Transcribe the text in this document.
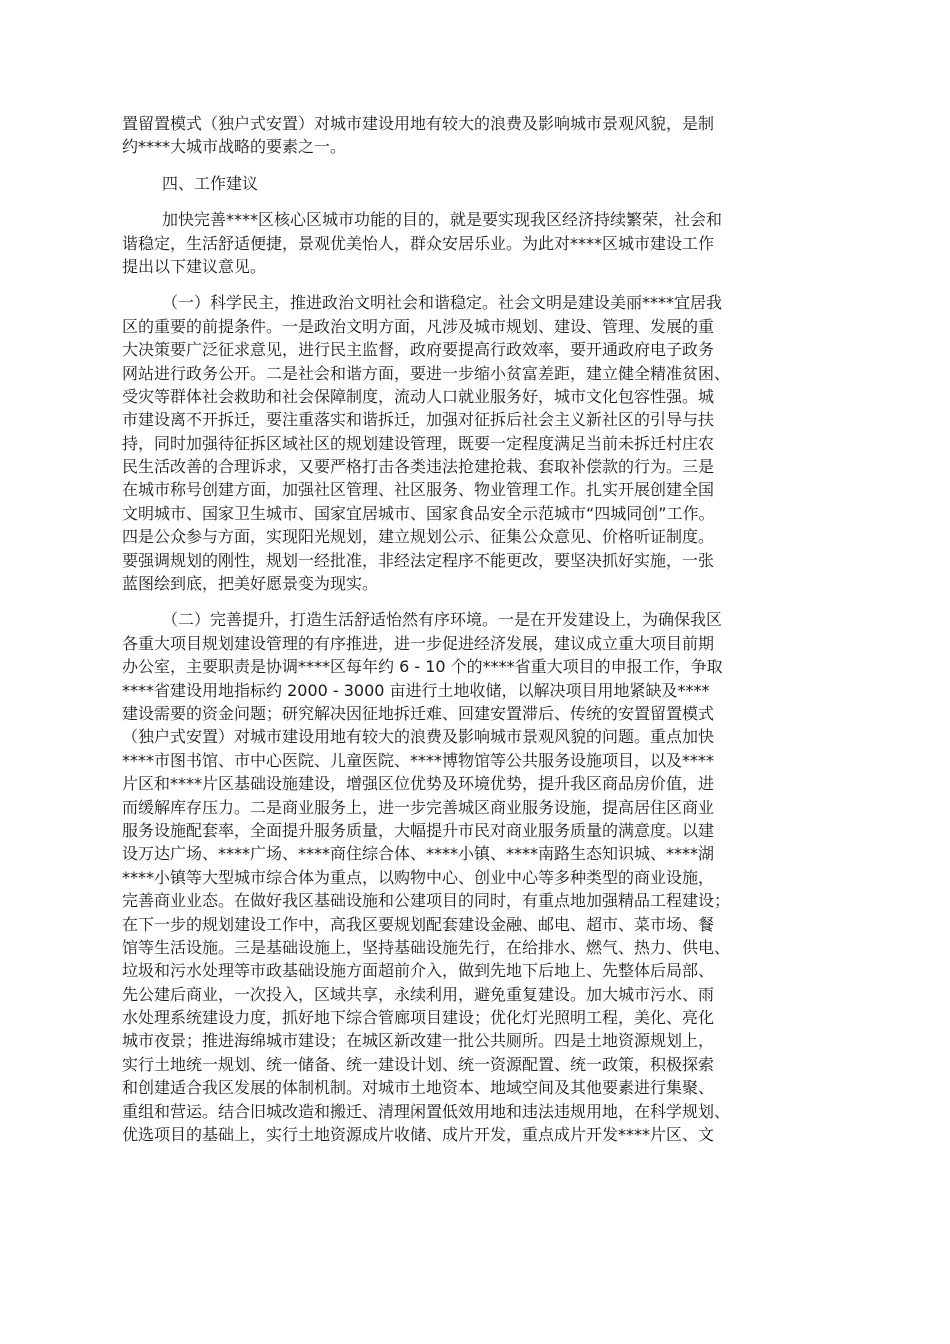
置留置模式（独户式安置）对城市建设用地有较大的浪费及影响城市景观风貌，是制
约****大城市战略的要素之一。
四、工作建议
加快完善****区核心区城市功能的目的，就是要实现我区经济持续繁荣，社会和
谐稳定，生活舒适便捷，景观优美怡人，群众安居乐业。为此对****区城市建设工作
提出以下建议意见。
（一）科学民主，推进政治文明社会和谐稳定。社会文明是建设美丽****宜居我
区的重要的前提条件。一是政治文明方面，凡涉及城市规划、建设、管理、发展的重
大决策要广泛征求意见，进行民主监督，政府要提高行政效率，要开通政府电子政务
网站进行政务公开。二是社会和谐方面，要进一步缩小贫富差距，建立健全精准贫困、
受灾等群体社会救助和社会保障制度，流动人口就业服务好，城市文化包容性强。城
市建设离不开拆迁，要注重落实和谐拆迁，加强对征拆后社会主义新社区的引导与扶
持，同时加强待征拆区域社区的规划建设管理，既要一定程度满足当前未拆迁村庄农
民生活改善的合理诉求，又要严格打击各类违法抢建抢栽、套取补偿款的行为。三是
在城市称号创建方面，加强社区管理、社区服务、物业管理工作。扎实开展创建全国
文明城市、国家卫生城市、国家宜居城市、国家食品安全示范城市“四城同创”工作。
四是公众参与方面，实现阳光规划，建立规划公示、征集公众意见、价格听证制度。
要强调规划的刚性，规划一经批准，非经法定程序不能更改，要坚决抓好实施，一张
蓝图绘到底，把美好愿景变为现实。
（二）完善提升，打造生活舒适怡然有序环境。一是在开发建设上，为确保我区
各重大项目规划建设管理的有序推进，进一步促进经济发展，建议成立重大项目前期
办公室，主要职责是协调****区每年约 6 - 10 个的****省重大项目的申报工作，争取
****省建设用地指标约 2000 - 3000 亩进行土地收储，以解决项目用地紧缺及****
建设需要的资金问题；研究解决因征地拆迁难、回建安置滞后、传统的安置留置模式
（独户式安置）对城市建设用地有较大的浪费及影响城市景观风貌的问题。重点加快
****市图书馆、市中心医院、儿童医院、****博物馆等公共服务设施项目，以及****
片区和****片区基础设施建设，增强区位优势及环境优势，提升我区商品房价值，进
而缓解库存压力。二是商业服务上，进一步完善城区商业服务设施，提高居住区商业
服务设施配套率，全面提升服务质量，大幅提升市民对商业服务质量的满意度。以建
设万达广场、****广场、****商住综合体、****小镇、****南路生态知识城、****湖
****小镇等大型城市综合体为重点，以购物中心、创业中心等多种类型的商业设施，
完善商业业态。在做好我区基础设施和公建项目的同时，有重点地加强精品工程建设；
在下一步的规划建设工作中，高我区要规划配套建设金融、邮电、超市、菜市场、餐
馆等生活设施。三是基础设施上，坚持基础设施先行，在给排水、燃气、热力、供电、
垃圾和污水处理等市政基础设施方面超前介入，做到先地下后地上、先整体后局部、
先公建后商业，一次投入，区域共享，永续利用，避免重复建设。加大城市污水、雨
水处理系统建设力度，抓好地下综合管廊项目建设；优化灯光照明工程，美化、亮化
城市夜景；推进海绵城市建设；在城区新改建一批公共厕所。四是土地资源规划上，
实行土地统一规划、统一储备、统一建设计划、统一资源配置、统一政策，积极探索
和创建适合我区发展的体制机制。对城市土地资本、地域空间及其他要素进行集聚、
重组和营运。结合旧城改造和搬迁、清理闲置低效用地和违法违规用地，在科学规划、
优选项目的基础上，实行土地资源成片收储、成片开发，重点成片开发****片区、文
